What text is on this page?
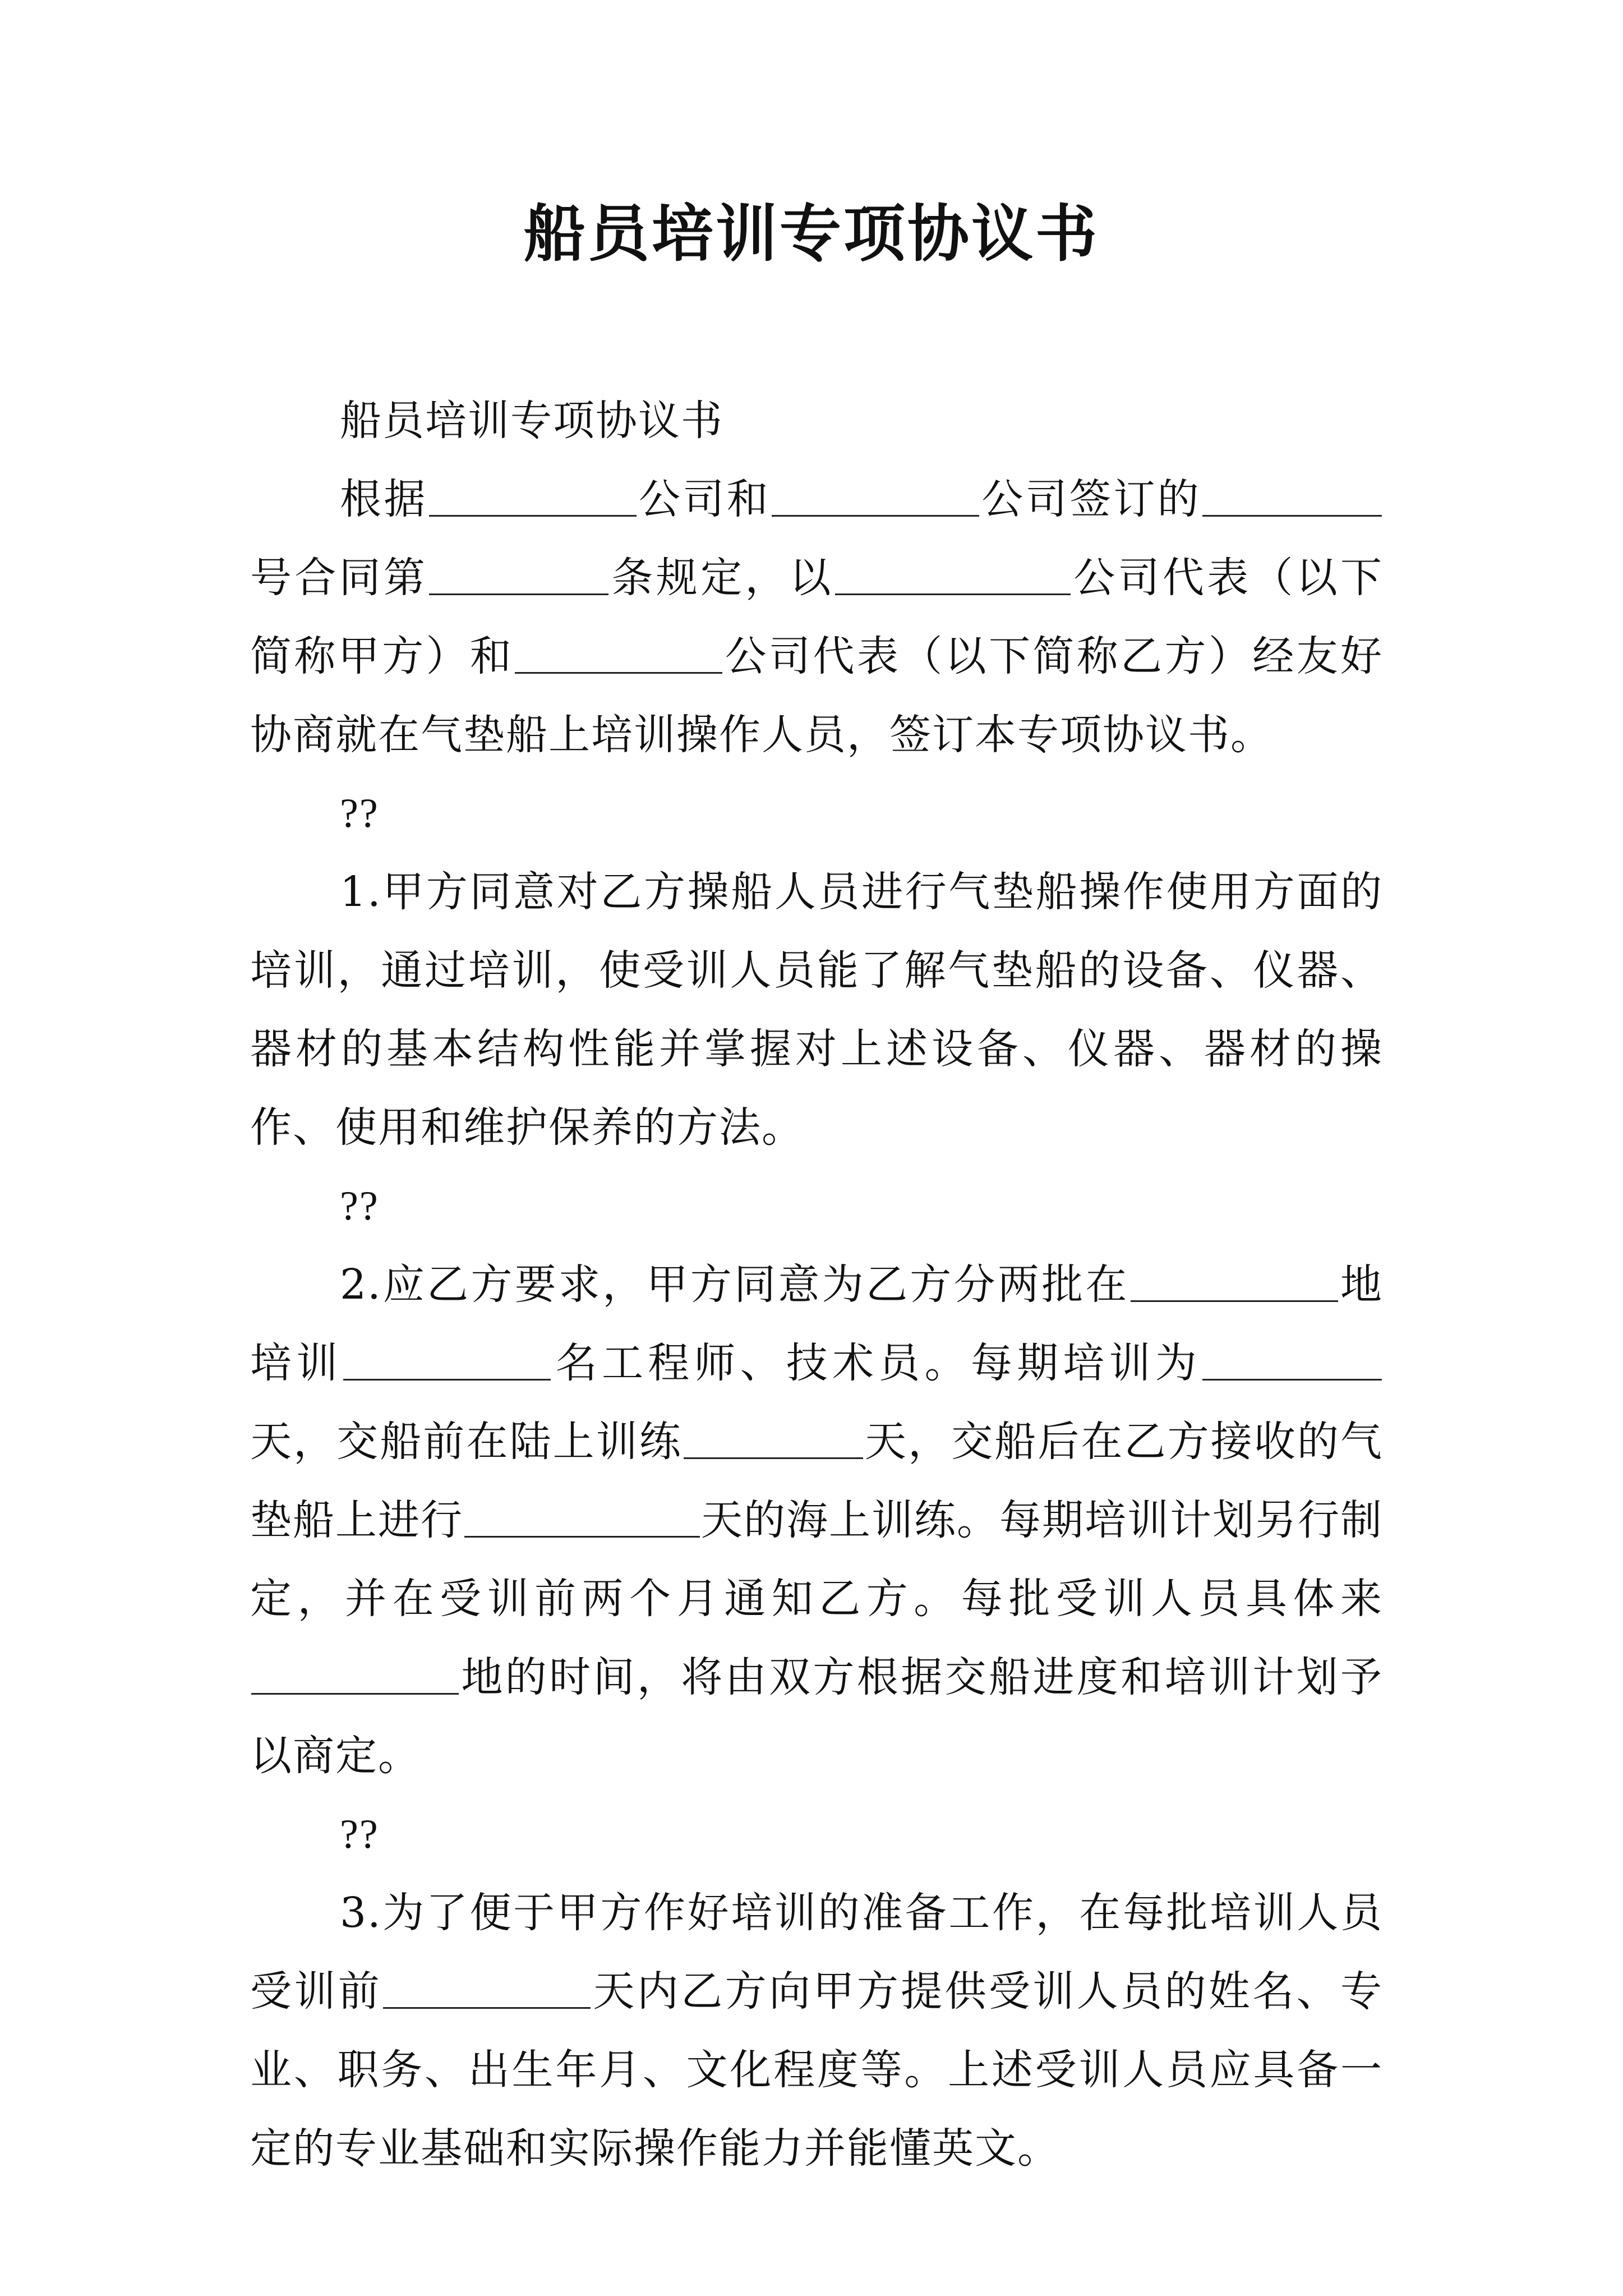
船员培训专项协议书

船员培训专项协议书

根据	公司和	公司签订的号合同第	条规定，以	公司代表（以下简称甲方）和	公司代表（以下简称乙方）经友好协商就在气垫船上培训操作人员，签订本专项协议书。

??

1.甲方同意对乙方操船人员进行气垫船操作使用方面的培训，通过培训，使受训人员能了解气垫船的设备、仪器、器材的基本结构性能并掌握对上述设备、仪器、器材的操作、使用和维护保养的方法。

??

2.应乙方要求，甲方同意为乙方分两批在	地培训	名工程师、技术员。每期培训为天，交船前在陆上训练	天，交船后在乙方接收的气垫船上进行	天的海上训练。每期培训计划另行制定，并在受训前两个月通知乙方。每批受训人员具体来地的时间，将由双方根据交船进度和培训计划予以商定。

??

3.为了便于甲方作好培训的准备工作，在每批培训人员受训前	天内乙方向甲方提供受训人员的姓名、专业、职务、出生年月、文化程度等。上述受训人员应具备一定的专业基础和实际操作能力并能懂英文。
